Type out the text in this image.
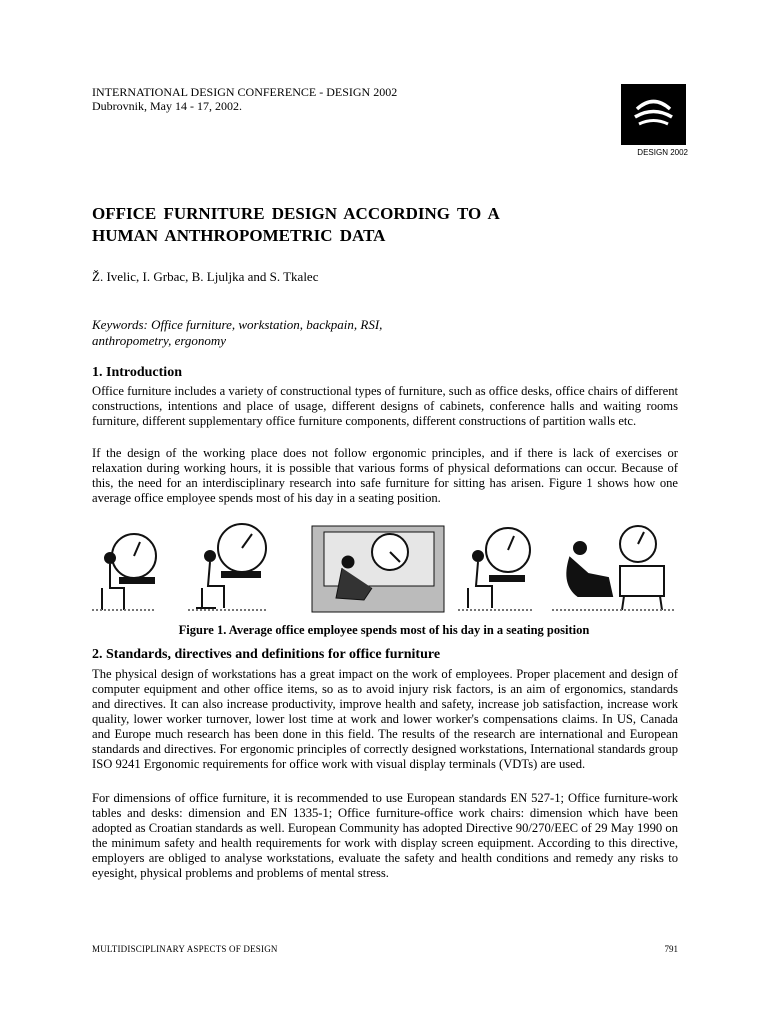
INTERNATIONAL DESIGN CONFERENCE - DESIGN 2002
Dubrovnik, May 14 - 17, 2002.
DESIGN 2002
OFFICE FURNITURE DESIGN ACCORDING TO A
HUMAN ANTHROPOMETRIC DATA
Ž. Ivelic, I. Grbac, B. Ljuljka and S. Tkalec
Keywords: Office furniture, workstation, backpain, RSI,
anthropometry, ergonomy
1. Introduction

Office furniture includes a variety of constructional types of furniture, such as office desks, office chairs of different constructions, intentions and place of usage, different designs of cabinets, conference halls and waiting rooms furniture, different supplementary office furniture components, different constructions of partition walls etc.

If the design of the working place does not follow ergonomic principles, and if there is lack of exercises or relaxation during working hours, it is possible that various forms of physical deformations can occur. Because of this, the need for an interdisciplinary research into safe furniture for sitting has arisen. Figure 1 shows how one average office employee spends most of his day in a seating position.

Figure 1. Average office employee spends most of his day in a seating position
2. Standards, directives and definitions for office furniture

The physical design of workstations has a great impact on the work of employees. Proper placement and design of computer equipment and other office items, so as to avoid injury risk factors, is an aim of ergonomics, standards and directives. It can also increase productivity, improve health and safety, increase job satisfaction, increase work quality, lower worker turnover, lower lost time at work and lower worker's compensations claims. In US, Canada and Europe much research has been done in this field. The results of the research are international and European standards and directives. For ergonomic principles of correctly designed workstations, International standards group ISO 9241 Ergonomic requirements for office work with visual display terminals (VDTs) are used.

For dimensions of office furniture, it is recommended to use European standards EN 527-1; Office furniture-work tables and desks: dimension and EN 1335-1; Office furniture-office work chairs: dimension which have been adopted as Croatian standards as well. European Community has adopted Directive 90/270/EEC of 29 May 1990 on the minimum safety and health requirements for work with display screen equipment. According to this directive, employers are obliged to analyse workstations, evaluate the safety and health conditions and remedy any risks to eyesight, physical problems and problems of mental stress.

MULTIDISCIPLINARY ASPECTS OF DESIGN	791
